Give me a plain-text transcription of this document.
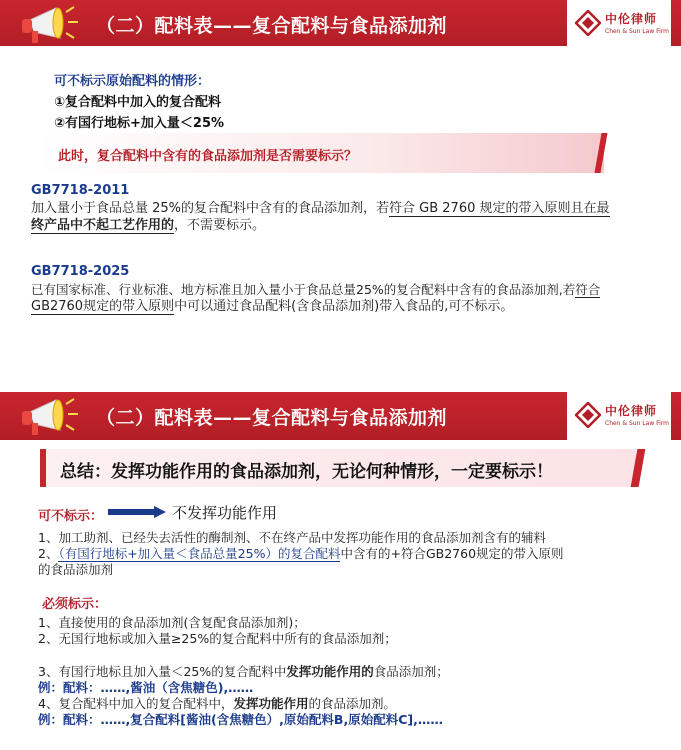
（二）配料表——复合配料与食品添加剂	中伦律师
Chen & Sun Law Firm
可不标示原始配料的情形：
①复合配料中加入的复合配料
②有国行地标+加入量＜25%
此时，复合配料中含有的食品添加剂是否需要标示？
GB7718-2011
加入量小于食品总量 25%的复合配料中含有的食品添加剂，若符合 GB 2760 规定的带入原则且在最
终产品中不起工艺作用的，不需要标示。
GB7718-2025
已有国家标准、行业标准、地方标准且加入量小于食品总量25%的复合配料中含有的食品添加剂,若符合
GB2760规定的带入原则中可以通过食品配料(含食品添加剂)带入食品的,可不标示。
（二）配料表——复合配料与食品添加剂	中伦律师
Chen & Sun Law Firm
总结：发挥功能作用的食品添加剂，无论何种情形，一定要标示！
可不标示：	不发挥功能作用
1、加工助剂、已经失去活性的酶制剂、不在终产品中发挥功能作用的食品添加剂含有的辅料
2、（有国行地标+加入量＜食品总量25%）的复合配料中含有的+符合GB2760规定的带入原则
的食品添加剂
必须标示：
1、直接使用的食品添加剂(含复配食品添加剂)；
2、无国行地标或加入量≥25%的复合配料中所有的食品添加剂；
3、有国行地标且加入量＜25%的复合配料中发挥功能作用的食品添加剂；
例：配料：……,酱油（含焦糖色),……
4、复合配料中加入的复合配料中，发挥功能作用的食品添加剂。
例：配料：……,复合配料[酱油(含焦糖色）,原始配料B,原始配料C],……
